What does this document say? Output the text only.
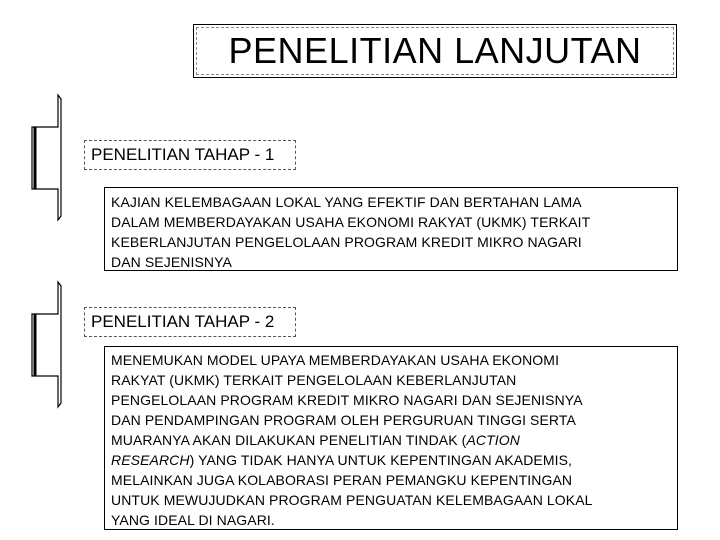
PENELITIAN LANJUTAN
PENELITIAN TAHAP - 1
KAJIAN KELEMBAGAAN LOKAL YANG EFEKTIF DAN BERTAHAN LAMA
DALAM MEMBERDAYAKAN USAHA EKONOMI RAKYAT (UKMK) TERKAIT
KEBERLANJUTAN PENGELOLAAN PROGRAM KREDIT MIKRO NAGARI
DAN SEJENISNYA
PENELITIAN TAHAP - 2
MENEMUKAN MODEL UPAYA MEMBERDAYAKAN USAHA EKONOMI
RAKYAT (UKMK) TERKAIT PENGELOLAAN KEBERLANJUTAN
PENGELOLAAN PROGRAM KREDIT MIKRO NAGARI DAN SEJENISNYA
DAN PENDAMPINGAN PROGRAM OLEH PERGURUAN TINGGI SERTA
MUARANYA AKAN DILAKUKAN PENELITIAN TINDAK (ACTION
RESEARCH) YANG TIDAK HANYA UNTUK KEPENTINGAN AKADEMIS,
MELAINKAN JUGA KOLABORASI PERAN PEMANGKU KEPENTINGAN
UNTUK MEWUJUDKAN PROGRAM PENGUATAN KELEMBAGAAN LOKAL
YANG IDEAL DI NAGARI.
